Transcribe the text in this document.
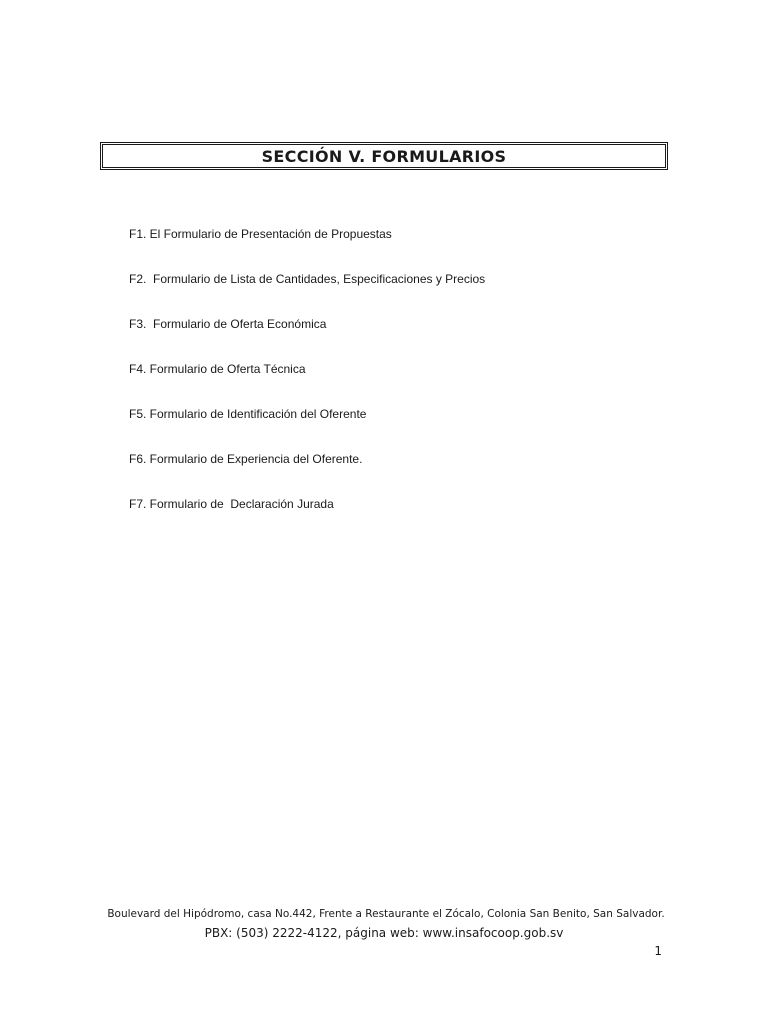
SECCIÓN V. FORMULARIOS
F1. El Formulario de Presentación de Propuestas
F2.  Formulario de Lista de Cantidades, Especificaciones y Precios
F3.  Formulario de Oferta Económica
F4. Formulario de Oferta Técnica
F5. Formulario de Identificación del Oferente
F6. Formulario de Experiencia del Oferente.
F7. Formulario de  Declaración Jurada
Boulevard del Hipódromo, casa No.442, Frente a Restaurante el Zócalo, Colonia San Benito, San Salvador.
PBX: (503) 2222-4122, página web: www.insafocoop.gob.sv
1
